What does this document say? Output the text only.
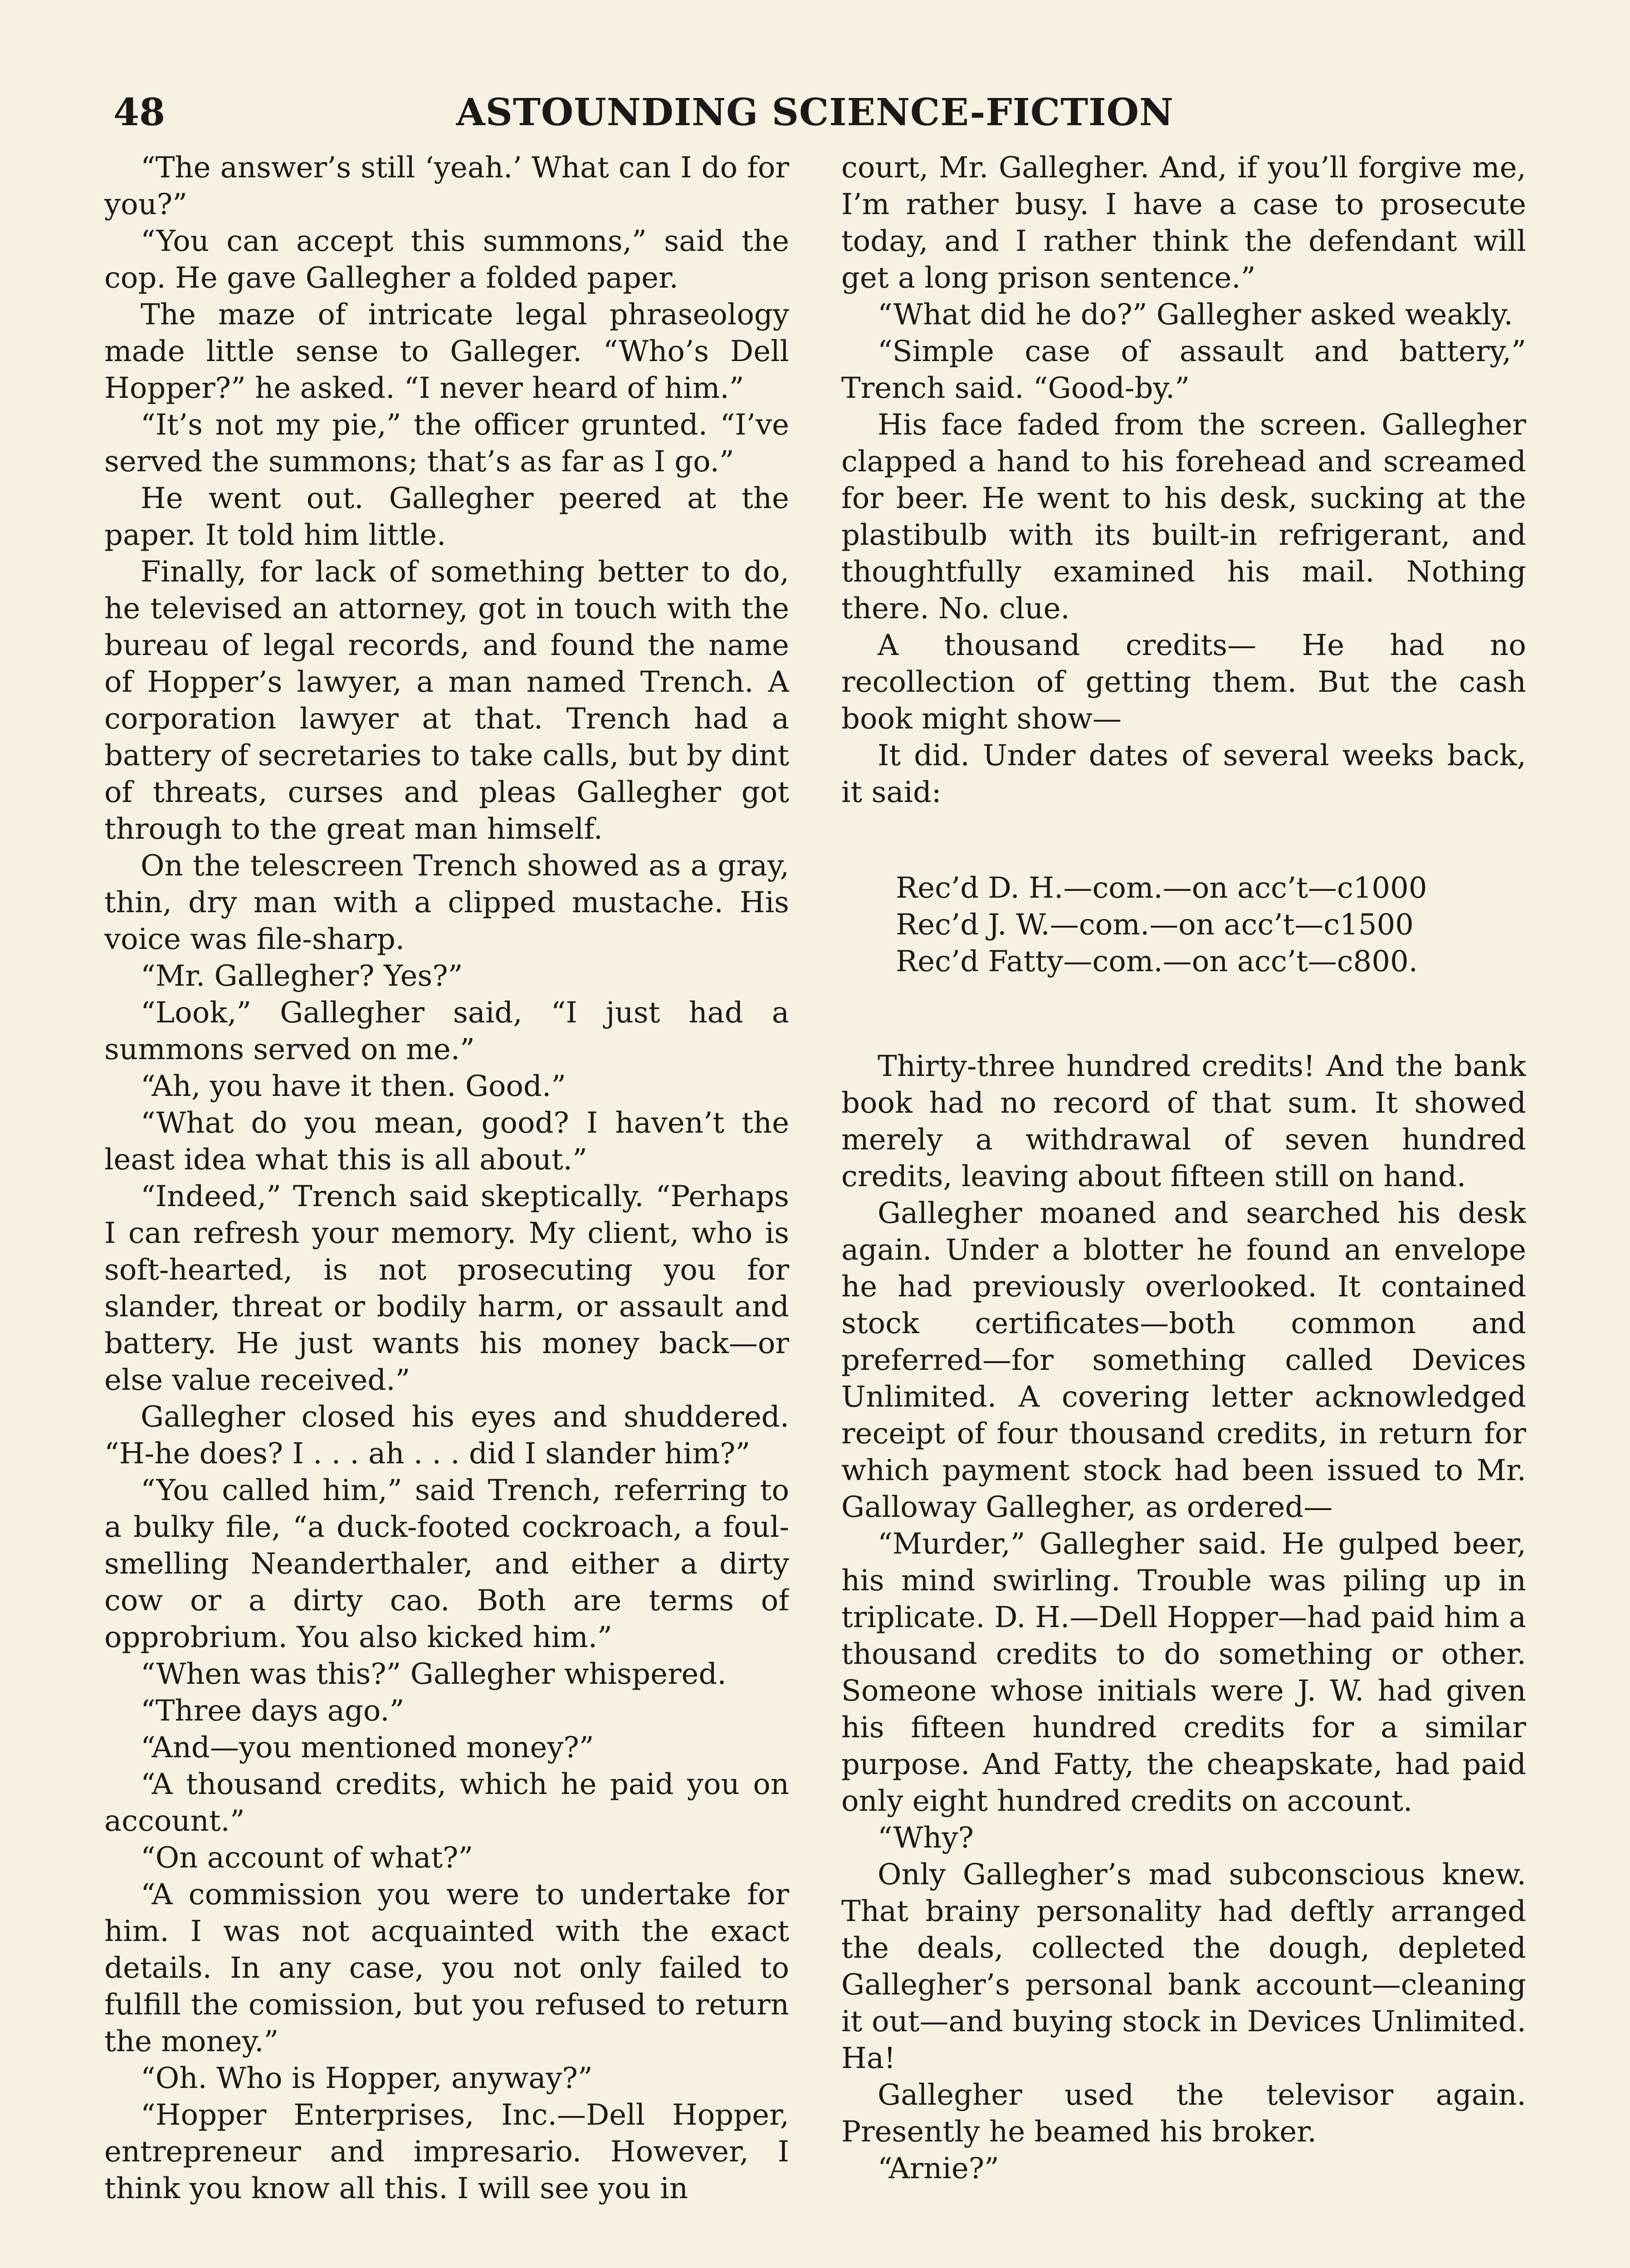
48	ASTOUNDING SCIENCE-FICTION

“The answer’s still ‘yeah.’ What can I do for you?”

“You can accept this summons,” said the cop. He gave Gallegher a folded paper.

The maze of intricate legal phraseology made little sense to Galleger. “Who’s Dell Hopper?” he asked. “I never heard of him.”

“It’s not my pie,” the officer grunted. “I’ve served the summons; that’s as far as I go.”

He went out. Gallegher peered at the paper. It told him little.

Finally, for lack of something better to do, he televised an attorney, got in touch with the bureau of legal records, and found the name of Hopper’s lawyer, a man named Trench. A corporation lawyer at that. Trench had a battery of secretaries to take calls, but by dint of threats, curses and pleas Gallegher got through to the great man himself.

On the telescreen Trench showed as a gray, thin, dry man with a clipped mustache. His voice was file-sharp.

“Mr. Gallegher? Yes?”

“Look,” Gallegher said, “I just had a summons served on me.”

“Ah, you have it then. Good.”

“What do you mean, good? I haven’t the least idea what this is all about.”

“Indeed,” Trench said skeptically. “Perhaps I can refresh your memory. My client, who is soft-hearted, is not prosecuting you for slander, threat or bodily harm, or assault and battery. He just wants his money back—or else value received.”

Gallegher closed his eyes and shuddered. “H-he does? I . . . ah . . . did I slander him?”

“You called him,” said Trench, referring to a bulky file, “a duck-footed cockroach, a foul-smelling Neanderthaler, and either a dirty cow or a dirty cao. Both are terms of opprobrium. You also kicked him.”

“When was this?” Gallegher whispered.

“Three days ago.”

“And—you mentioned money?”

“A thousand credits, which he paid you on account.”

“On account of what?”

“A commission you were to undertake for him. I was not acquainted with the exact details. In any case, you not only failed to fulfill the comission, but you refused to return the money.”

“Oh. Who is Hopper, anyway?”

“Hopper Enterprises, Inc.—Dell Hopper, entrepreneur and impresario. However, I think you know all this. I will see you in

court, Mr. Gallegher. And, if you’ll forgive me, I’m rather busy. I have a case to prosecute today, and I rather think the defendant will get a long prison sentence.”

“What did he do?” Gallegher asked weakly.

“Simple case of assault and battery,” Trench said. “Good-by.”

His face faded from the screen. Gallegher clapped a hand to his forehead and screamed for beer. He went to his desk, sucking at the plastibulb with its built-in refrigerant, and thoughtfully examined his mail. Nothing there. No. clue.

A thousand credits— He had no recollection of getting them. But the cash book might show—

It did. Under dates of several weeks back, it said:

Rec’d D. H.—com.—on acc’t—c1000
Rec’d J. W.—com.—on acc’t—c1500
Rec’d Fatty—com.—on acc’t—c800.

Thirty-three hundred credits! And the bank book had no record of that sum. It showed merely a withdrawal of seven hundred credits, leaving about fifteen still on hand.

Gallegher moaned and searched his desk again. Under a blotter he found an envelope he had previously overlooked. It contained stock certificates—both common and preferred—for something called Devices Unlimited. A covering letter acknowledged receipt of four thousand credits, in return for which payment stock had been issued to Mr. Galloway Gallegher, as ordered—

“Murder,” Gallegher said. He gulped beer, his mind swirling. Trouble was piling up in triplicate. D. H.—Dell Hopper—had paid him a thousand credits to do something or other. Someone whose initials were J. W. had given his fifteen hundred credits for a similar purpose. And Fatty, the cheapskate, had paid only eight hundred credits on account.

“Why?

Only Gallegher’s mad subconscious knew. That brainy personality had deftly arranged the deals, collected the dough, depleted Gallegher’s personal bank account—cleaning it out—and buying stock in Devices Unlimited. Ha!

Gallegher used the televisor again. Presently he beamed his broker.

“Arnie?”
